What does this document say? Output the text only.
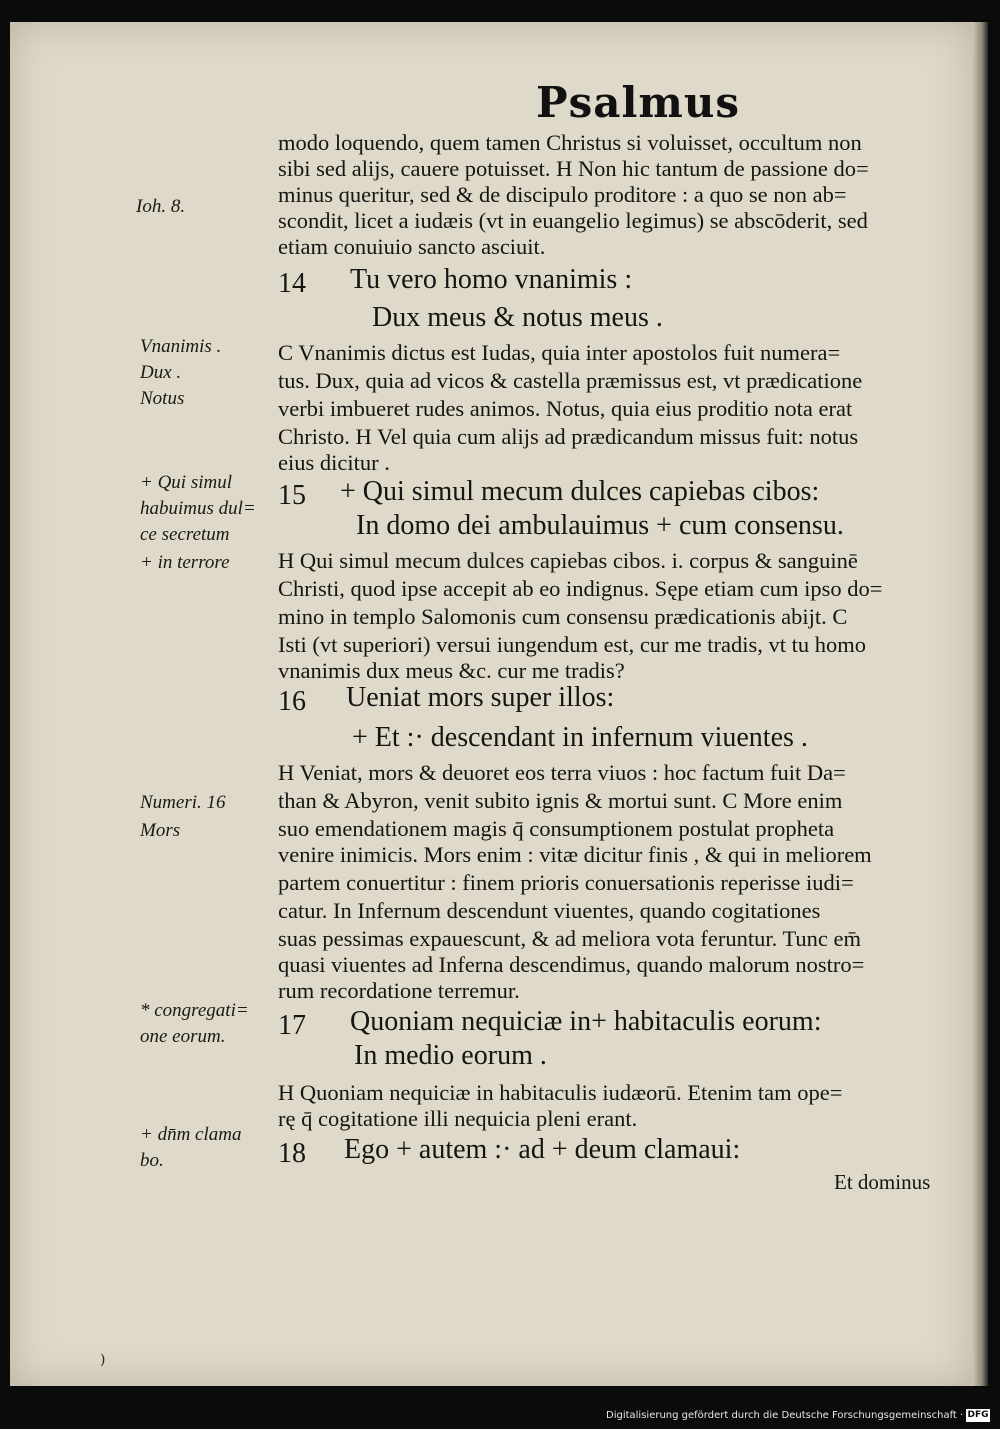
Psalmus
modo loquendo, quem tamen Christus si voluisset, occultum non
sibi sed alijs, cauere potuisset. H Non hic tantum de passione do=
minus queritur, sed & de discipulo proditore : a quo se non ab=
scondit, licet a iudæis (vt in euangelio legimus) se abscōderit, sed
etiam conuiuio sancto asciuit.
14 Tu vero homo vnanimis :
Dux meus & notus meus .
C Vnanimis dictus est Iudas, quia inter apostolos fuit numera=
tus. Dux, quia ad vicos & castella præmissus est, vt prædicatione
verbi imbueret rudes animos. Notus, quia eius proditio nota erat
Christo. H Vel quia cum alijs ad prædicandum missus fuit: notus
eius dicitur .
15 + Qui simul mecum dulces capiebas cibos:
In domo dei ambulauimus + cum consensu.
H Qui simul mecum dulces capiebas cibos. i. corpus & sanguinē
Christi, quod ipse accepit ab eo indignus. Sępe etiam cum ipso do=
mino in templo Salomonis cum consensu prædicationis abijt. C
Isti (vt superiori) versui iungendum est, cur me tradis, vt tu homo
vnanimis dux meus &c. cur me tradis?
16 Ueniat mors super illos:
+ Et :· descendant in infernum viuentes .
H Veniat, mors & deuoret eos terra viuos : hoc factum fuit Da=
than & Abyron, venit subito ignis & mortui sunt. C More enim
suo emendationem magis q̄ consumptionem postulat propheta
venire inimicis. Mors enim : vitæ dicitur finis , & qui in meliorem
partem conuertitur : finem prioris conuersationis reperisse iudi=
catur. In Infernum descendunt viuentes, quando cogitationes
suas pessimas expauescunt, & ad meliora vota feruntur. Tunc em̄
quasi viuentes ad Inferna descendimus, quando malorum nostro=
rum recordatione terremur.
17 Quoniam nequiciæ in+ habitaculis eorum:
In medio eorum .
H Quoniam nequiciæ in habitaculis iudæorū. Etenim tam ope=
rę q̄ cogitatione illi nequicia pleni erant.
18 Ego + autem :· ad + deum clamaui:
Et dominus
Ioh. 8.
Vnanimis .
Dux .
Notus
+ Qui simul
habuimus dul=
ce secretum
+ in terrore
Numeri. 16
Mors
* congregati=
one eorum.
+ dn̄m clama
bo.
)
Digitalisierung gefördert durch die Deutsche Forschungsgemeinschaft · DFG
